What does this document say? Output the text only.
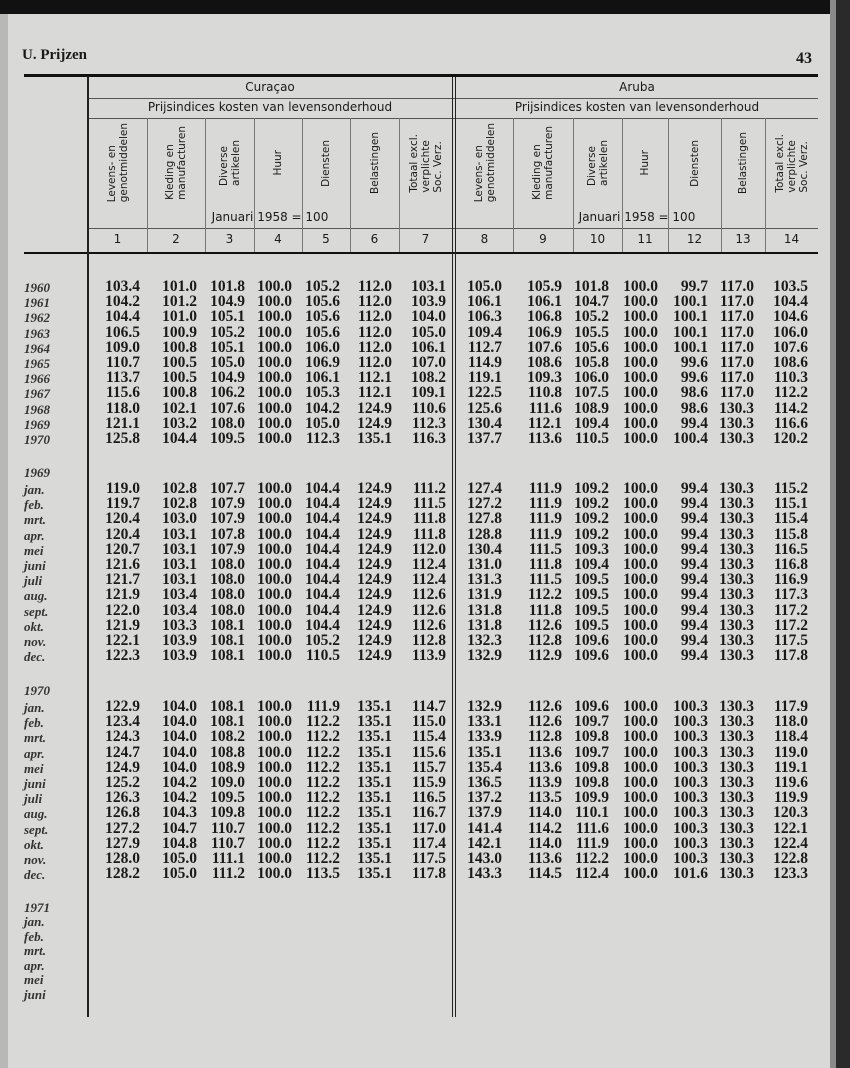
U. Prijzen	43
Curaçao
Prijsindices kosten van levensonderhoud
Januari 1958 = 100
Aruba
Prijsindices kosten van levensonderhoud
Januari 1958 = 100
Levens- en
genotmiddelen
1
Kleding en
manufacturen
2
Diverse
artikelen
3
Huur
4
Diensten
5
Belastingen
6
Totaal excl.
verplichte
Soc. Verz.
7
Levens- en
genotmiddelen
8
Kleding en
manufacturen
9
Diverse
artikelen
10
Huur
11
Diensten
12
Belastingen
13
Totaal excl.
verplichte
Soc. Verz.
14
1960	103.4	101.0 101.8 100.0 105.2	112.0	103.1	105.0	105.9 101.8 100.0	99.7 117.0	103.5
1961	104.2	101.2 104.9 100.0 105.6	112.0	103.9	106.1	106.1 104.7 100.0 100.1 117.0	104.4
1962	104.4	101.0 105.1 100.0 105.6	112.0	104.0	106.3	106.8 105.2 100.0 100.1 117.0	104.6
1963	106.5	100.9 105.2 100.0 105.6	112.0	105.0	109.4	106.9 105.5 100.0 100.1 117.0	106.0
1964	109.0	100.8 105.1 100.0 106.0	112.0	106.1	112.7	107.6 105.6 100.0 100.1 117.0	107.6
1965	110.7	100.5 105.0 100.0 106.9	112.0	107.0	114.9	108.6 105.8 100.0	99.6 117.0	108.6
1966	113.7	100.5 104.9 100.0 106.1	112.1	108.2	119.1	109.3 106.0 100.0	99.6 117.0	110.3
1967	115.6	100.8 106.2 100.0 105.3	112.1	109.1	122.5	110.8 107.5 100.0	98.6 117.0	112.2
1968	118.0	102.1 107.6 100.0 104.2	124.9	110.6	125.6	111.6 108.9 100.0	98.6 130.3	114.2
1969	121.1	103.2 108.0 100.0 105.0	124.9	112.3	130.4	112.1 109.4 100.0	99.4 130.3	116.6
1970	125.8	104.4 109.5 100.0 112.3	135.1	116.3	137.7	113.6 110.5 100.0 100.4 130.3	120.2
1969
jan.	119.0	102.8 107.7 100.0 104.4	124.9	111.2	127.4	111.9 109.2 100.0	99.4 130.3	115.2
feb.	119.7	102.8 107.9 100.0 104.4	124.9	111.5	127.2	111.9 109.2 100.0	99.4 130.3	115.1
mrt.	120.4	103.0 107.9 100.0 104.4	124.9	111.8	127.8	111.9 109.2 100.0	99.4 130.3	115.4
apr.	120.4	103.1 107.8 100.0 104.4	124.9	111.8	128.8	111.9 109.2 100.0	99.4 130.3	115.8
mei	120.7	103.1 107.9 100.0 104.4	124.9	112.0	130.4	111.5 109.3 100.0	99.4 130.3	116.5
juni	121.6	103.1 108.0 100.0 104.4	124.9	112.4	131.0	111.8 109.4 100.0	99.4 130.3	116.8
juli	121.7	103.1 108.0 100.0 104.4	124.9	112.4	131.3	111.5 109.5 100.0	99.4 130.3	116.9
aug.	121.9	103.4 108.0 100.0 104.4	124.9	112.6	131.9	112.2 109.5 100.0	99.4 130.3	117.3
sept.	122.0	103.4 108.0 100.0 104.4	124.9	112.6	131.8	111.8 109.5 100.0	99.4 130.3	117.2
okt.	121.9	103.3 108.1 100.0 104.4	124.9	112.6	131.8	112.6 109.5 100.0	99.4 130.3	117.2
nov.	122.1	103.9 108.1 100.0 105.2	124.9	112.8	132.3	112.8 109.6 100.0	99.4 130.3	117.5
dec.	122.3	103.9 108.1 100.0 110.5	124.9	113.9	132.9	112.9 109.6 100.0	99.4 130.3	117.8
1970
jan.	122.9	104.0 108.1 100.0 111.9	135.1	114.7	132.9	112.6 109.6 100.0 100.3 130.3	117.9
feb.	123.4	104.0 108.1 100.0 112.2	135.1	115.0	133.1	112.6 109.7 100.0 100.3 130.3	118.0
mrt.	124.3	104.0 108.2 100.0 112.2	135.1	115.4	133.9	112.8 109.8 100.0 100.3 130.3	118.4
apr.	124.7	104.0 108.8 100.0 112.2	135.1	115.6	135.1	113.6 109.7 100.0 100.3 130.3	119.0
mei	124.9	104.0 108.9 100.0 112.2	135.1	115.7	135.4	113.6 109.8 100.0 100.3 130.3	119.1
juni	125.2	104.2 109.0 100.0 112.2	135.1	115.9	136.5	113.9 109.8 100.0 100.3 130.3	119.6
juli	126.3	104.2 109.5 100.0 112.2	135.1	116.5	137.2	113.5 109.9 100.0 100.3 130.3	119.9
aug.	126.8	104.3 109.8 100.0 112.2	135.1	116.7	137.9	114.0 110.1 100.0 100.3 130.3	120.3
sept.	127.2	104.7 110.7 100.0 112.2	135.1	117.0	141.4	114.2 111.6 100.0 100.3 130.3	122.1
okt.	127.9	104.8 110.7 100.0 112.2	135.1	117.4	142.1	114.0 111.9 100.0 100.3 130.3	122.4
nov.	128.0	105.0 111.1 100.0 112.2	135.1	117.5	143.0	113.6 112.2 100.0 100.3 130.3	122.8
dec.	128.2	105.0 111.2 100.0 113.5	135.1	117.8	143.3	114.5 112.4 100.0 101.6 130.3	123.3
1971
jan.
feb.
mrt.
apr.
mei
juni
